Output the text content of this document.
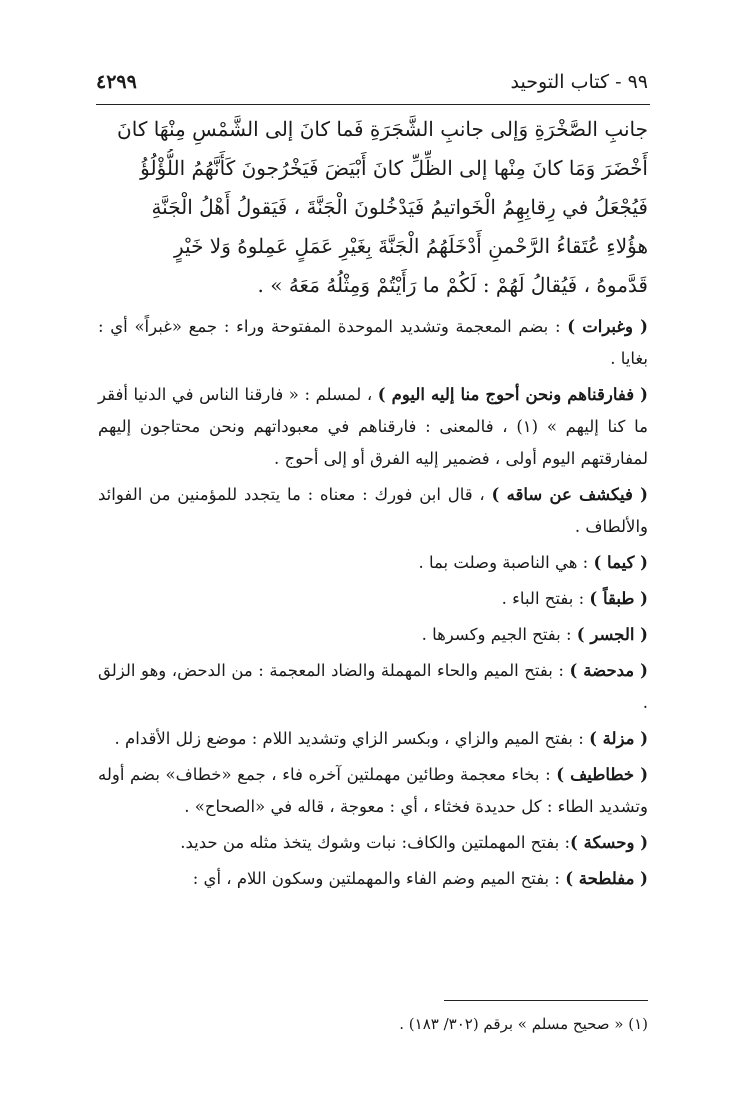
٩٩ - كتاب التوحيد
٤٢٩٩
جانبِ الصَّخْرَةِ وَإلى جانبِ الشَّجَرَةِ فَما كانَ إلى الشَّمْسِ مِنْهَا كانَ
أَخْضَرَ وَمَا كانَ مِنْها إلى الظِّلِّ كانَ أَبْيَضَ فَيَخْرُجونَ كَأَنَّهُمُ اللُّؤْلُؤُ
فَيُجْعَلُ في رِقابِهِمُ الْخَواتيمُ فَيَدْخُلونَ الْجَنَّةَ ، فَيَقولُ أَهْلُ الْجَنَّةِ
هؤُلاءِ عُتَقاءُ الرَّحْمنِ أَدْخَلَهُمُ الْجَنَّةَ بِغَيْرِ عَمَلٍ عَمِلوهُ وَلا خَيْرٍ
قَدَّموهُ ، فَيُقالُ لَهُمْ : لَكُمْ ما رَأَيْتُمْ وَمِثْلُهُ مَعَهُ » .

( وغبرات ) : بضم المعجمة وتشديد الموحدة المفتوحة وراء : جمع «غبراً» أي : بغايا .

( ففارقناهم ونحن أحوج منا إليه اليوم ) ، لمسلم : « فارقنا الناس في الدنيا أفقر ما كنا إليهم » (١) ، فالمعنى : فارقناهم في معبوداتهم ونحن محتاجون إليهم لمفارقتهم اليوم أولى ، فضمير إليه الفرق أو إلى أحوج .

( فيكشف عن ساقه ) ، قال ابن فورك : معناه : ما يتجدد للمؤمنين من الفوائد والألطاف .

( كيما ) : هي الناصبة وصلت بما .

( طبقاً ) : بفتح الباء .

( الجسر ) : بفتح الجيم وكسرها .

( مدحضة ) : بفتح الميم والحاء المهملة والضاد المعجمة : من الدحض، وهو الزلق .

( مزلة ) : بفتح الميم والزاي ، وبكسر الزاي وتشديد اللام : موضع زلل الأقدام .

( خطاطيف ) : بخاء معجمة وطائين مهملتين آخره فاء ، جمع «خطاف» بضم أوله وتشديد الطاء : كل حديدة فخثاء ، أي : معوجة ، قاله في «الصحاح» .

( وحسكة ): بفتح المهملتين والكاف: نبات وشوك يتخذ مثله من حديد.

( مفلطحة ) : بفتح الميم وضم الفاء والمهملتين وسكون اللام ، أي :

(١) « صحيح مسلم » برقم (٣٠٢/ ١٨٣) .
